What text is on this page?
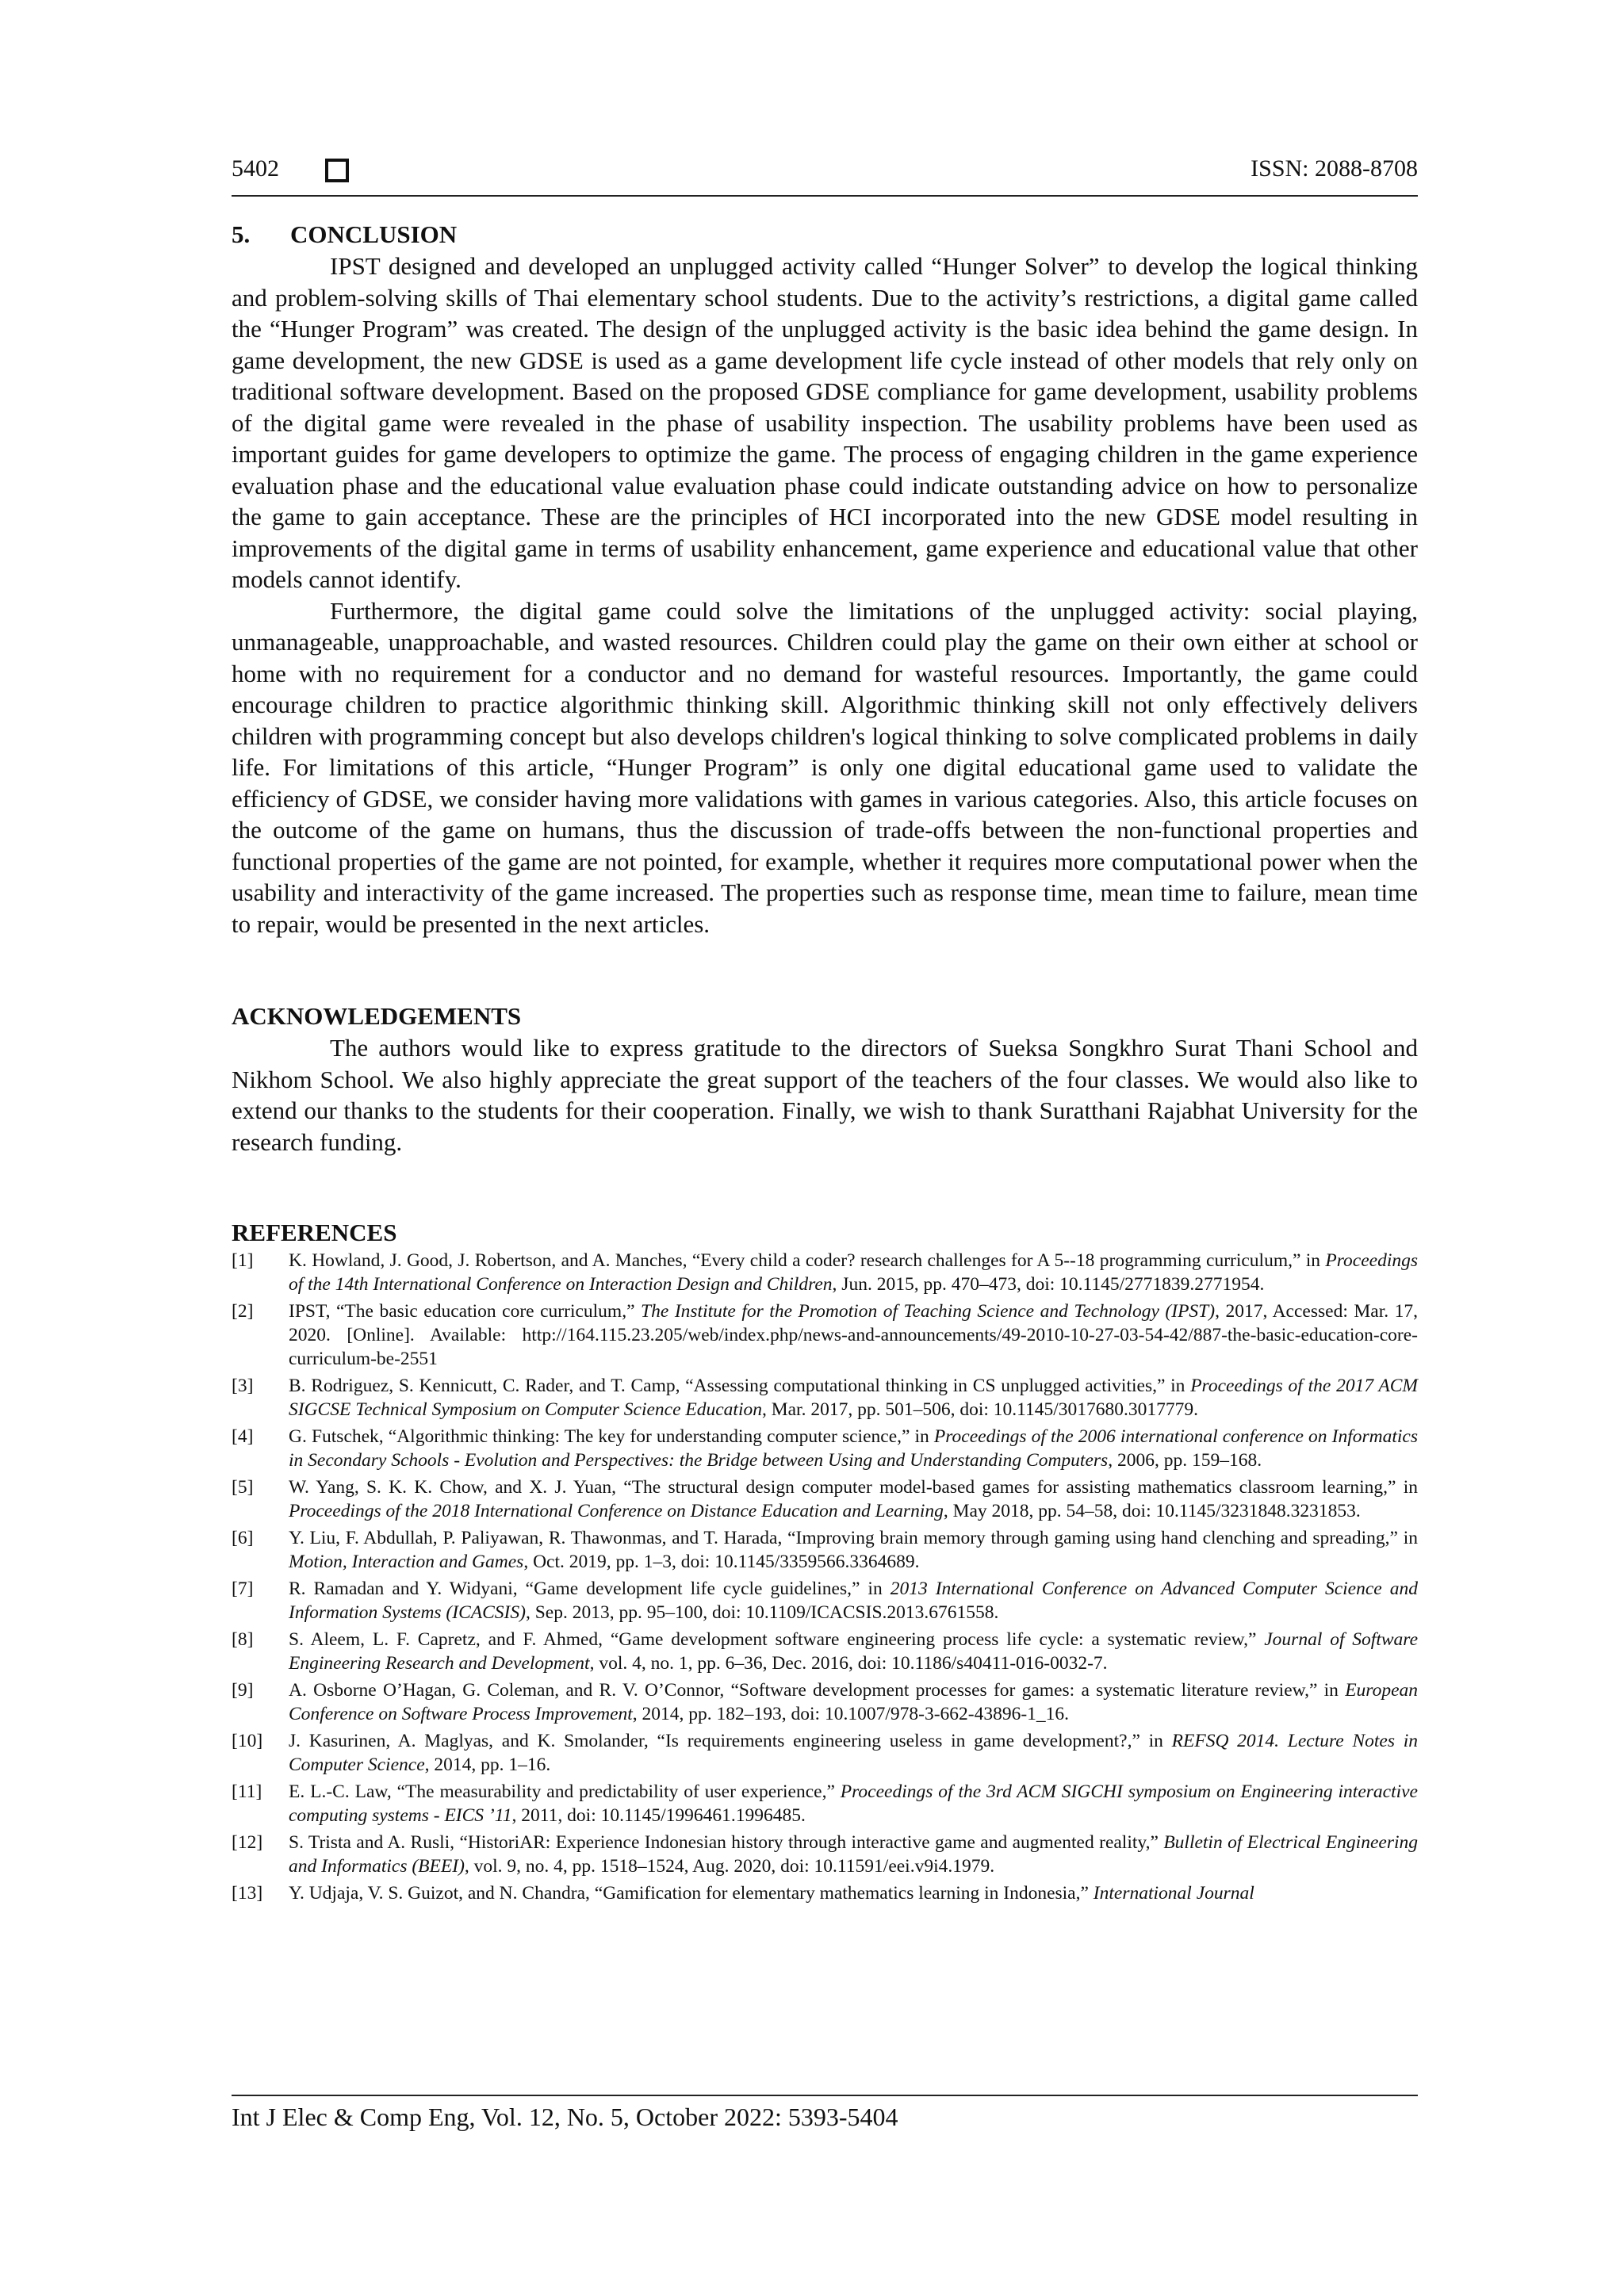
5402	ISSN: 2088-8708
5. CONCLUSION

IPST designed and developed an unplugged activity called “Hunger Solver” to develop the logical thinking and problem-solving skills of Thai elementary school students. Due to the activity’s restrictions, a digital game called the “Hunger Program” was created. The design of the unplugged activity is the basic idea behind the game design. In game development, the new GDSE is used as a game development life cycle instead of other models that rely only on traditional software development. Based on the proposed GDSE compliance for game development, usability problems of the digital game were revealed in the phase of usability inspection. The usability problems have been used as important guides for game developers to optimize the game. The process of engaging children in the game experience evaluation phase and the educational value evaluation phase could indicate outstanding advice on how to personalize the game to gain acceptance. These are the principles of HCI incorporated into the new GDSE model resulting in improvements of the digital game in terms of usability enhancement, game experience and educational value that other models cannot identify.

Furthermore, the digital game could solve the limitations of the unplugged activity: social playing, unmanageable, unapproachable, and wasted resources. Children could play the game on their own either at school or home with no requirement for a conductor and no demand for wasteful resources. Importantly, the game could encourage children to practice algorithmic thinking skill. Algorithmic thinking skill not only effectively delivers children with programming concept but also develops children's logical thinking to solve complicated problems in daily life. For limitations of this article, “Hunger Program” is only one digital educational game used to validate the efficiency of GDSE, we consider having more validations with games in various categories. Also, this article focuses on the outcome of the game on humans, thus the discussion of trade-offs between the non-functional properties and functional properties of the game are not pointed, for example, whether it requires more computational power when the usability and interactivity of the game increased. The properties such as response time, mean time to failure, mean time to repair, would be presented in the next articles.

ACKNOWLEDGEMENTS

The authors would like to express gratitude to the directors of Sueksa Songkhro Surat Thani School and Nikhom School. We also highly appreciate the great support of the teachers of the four classes. We would also like to extend our thanks to the students for their cooperation. Finally, we wish to thank Suratthani Rajabhat University for the research funding.

REFERENCES
[1] K. Howland, J. Good, J. Robertson, and A. Manches, “Every child a coder? research challenges for A 5--18 programming curriculum,” in Proceedings of the 14th International Conference on Interaction Design and Children, Jun. 2015, pp. 470–473, doi: 10.1145/2771839.2771954.
[2] IPST, “The basic education core curriculum,” The Institute for the Promotion of Teaching Science and Technology (IPST), 2017, Accessed: Mar. 17, 2020. [Online]. Available: http://164.115.23.205/web/index.php/news-and-announcements/49-2010-10-27-03-54-42/887-the-basic-education-core-curriculum-be-2551
[3] B. Rodriguez, S. Kennicutt, C. Rader, and T. Camp, “Assessing computational thinking in CS unplugged activities,” in Proceedings of the 2017 ACM SIGCSE Technical Symposium on Computer Science Education, Mar. 2017, pp. 501–506, doi: 10.1145/3017680.3017779.
[4] G. Futschek, “Algorithmic thinking: The key for understanding computer science,” in Proceedings of the 2006 international conference on Informatics in Secondary Schools - Evolution and Perspectives: the Bridge between Using and Understanding Computers, 2006, pp. 159–168.
[5] W. Yang, S. K. K. Chow, and X. J. Yuan, “The structural design computer model-based games for assisting mathematics classroom learning,” in Proceedings of the 2018 International Conference on Distance Education and Learning, May 2018, pp. 54–58, doi: 10.1145/3231848.3231853.
[6] Y. Liu, F. Abdullah, P. Paliyawan, R. Thawonmas, and T. Harada, “Improving brain memory through gaming using hand clenching and spreading,” in Motion, Interaction and Games, Oct. 2019, pp. 1–3, doi: 10.1145/3359566.3364689.
[7] R. Ramadan and Y. Widyani, “Game development life cycle guidelines,” in 2013 International Conference on Advanced Computer Science and Information Systems (ICACSIS), Sep. 2013, pp. 95–100, doi: 10.1109/ICACSIS.2013.6761558.
[8] S. Aleem, L. F. Capretz, and F. Ahmed, “Game development software engineering process life cycle: a systematic review,” Journal of Software Engineering Research and Development, vol. 4, no. 1, pp. 6–36, Dec. 2016, doi: 10.1186/s40411-016-0032-7.
[9] A. Osborne O’Hagan, G. Coleman, and R. V. O’Connor, “Software development processes for games: a systematic literature review,” in European Conference on Software Process Improvement, 2014, pp. 182–193, doi: 10.1007/978-3-662-43896-1_16.
[10] J. Kasurinen, A. Maglyas, and K. Smolander, “Is requirements engineering useless in game development?,” in REFSQ 2014. Lecture Notes in Computer Science, 2014, pp. 1–16.
[11] E. L.-C. Law, “The measurability and predictability of user experience,” Proceedings of the 3rd ACM SIGCHI symposium on Engineering interactive computing systems - EICS ’11, 2011, doi: 10.1145/1996461.1996485.
[12] S. Trista and A. Rusli, “HistoriAR: Experience Indonesian history through interactive game and augmented reality,” Bulletin of Electrical Engineering and Informatics (BEEI), vol. 9, no. 4, pp. 1518–1524, Aug. 2020, doi: 10.11591/eei.v9i4.1979.
[13] Y. Udjaja, V. S. Guizot, and N. Chandra, “Gamification for elementary mathematics learning in Indonesia,” International Journal
Int J Elec & Comp Eng, Vol. 12, No. 5, October 2022: 5393-5404
